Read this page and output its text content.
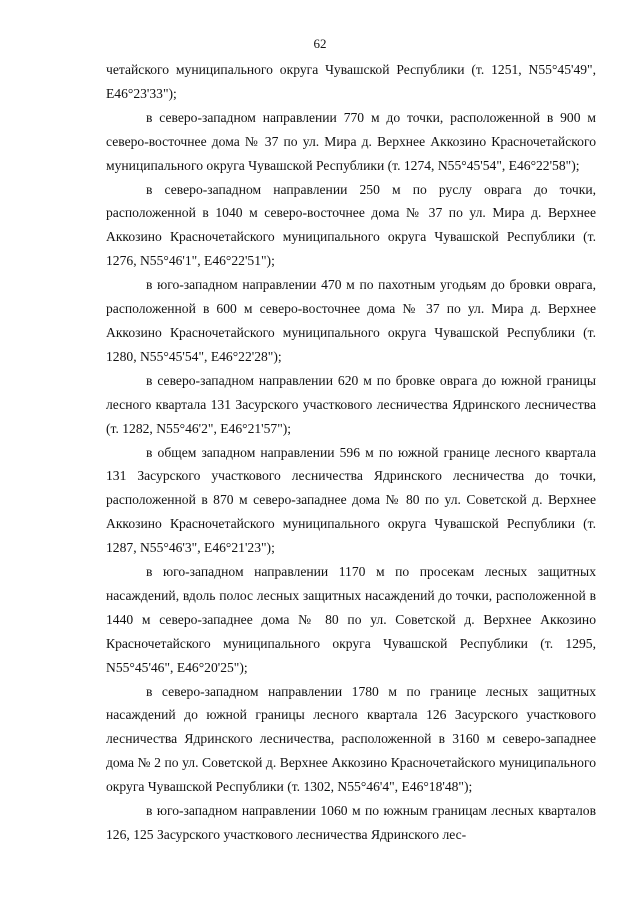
62

четайского муниципального округа Чувашской Республики (т. 1251, N55°45'49", E46°23'33");

в северо-западном направлении 770 м до точки, расположенной в 900 м северо-восточнее дома № 37 по ул. Мира д. Верхнее Аккозино Красночетайского муниципального округа Чувашской Республики (т. 1274, N55°45'54", E46°22'58");

в северо-западном направлении 250 м по руслу оврага до точки, расположенной в 1040 м северо-восточнее дома № 37 по ул. Мира д. Верхнее Аккозино Красночетайского муниципального округа Чувашской Республики (т. 1276, N55°46'1", E46°22'51");

в юго-западном направлении 470 м по пахотным угодьям до бровки оврага, расположенной в 600 м северо-восточнее дома № 37 по ул. Мира д. Верхнее Аккозино Красночетайского муниципального округа Чувашской Республики (т. 1280, N55°45'54", E46°22'28");

в северо-западном направлении 620 м по бровке оврага до южной границы лесного квартала 131 Засурского участкового лесничества Ядринского лесничества (т. 1282, N55°46'2", E46°21'57");

в общем западном направлении 596 м по южной границе лесного квартала 131 Засурского участкового лесничества Ядринского лесничества до точки, расположенной в 870 м северо-западнее дома № 80 по ул. Советской д. Верхнее Аккозино Красночетайского муниципального округа Чувашской Республики (т. 1287, N55°46'3", E46°21'23");

в юго-западном направлении 1170 м по просекам лесных защитных насаждений, вдоль полос лесных защитных насаждений до точки, расположенной в 1440 м северо-западнее дома № 80 по ул. Советской д. Верхнее Аккозино Красночетайского муниципального округа Чувашской Республики (т. 1295, N55°45'46", E46°20'25");

в северо-западном направлении 1780 м по границе лесных защитных насаждений до южной границы лесного квартала 126 Засурского участкового лесничества Ядринского лесничества, расположенной в 3160 м северо-западнее дома № 2 по ул. Советской д. Верхнее Аккозино Красночетайского муниципального округа Чувашской Республики (т. 1302, N55°46'4", E46°18'48");

в юго-западном направлении 1060 м по южным границам лесных кварталов 126, 125 Засурского участкового лесничества Ядринского лес-
